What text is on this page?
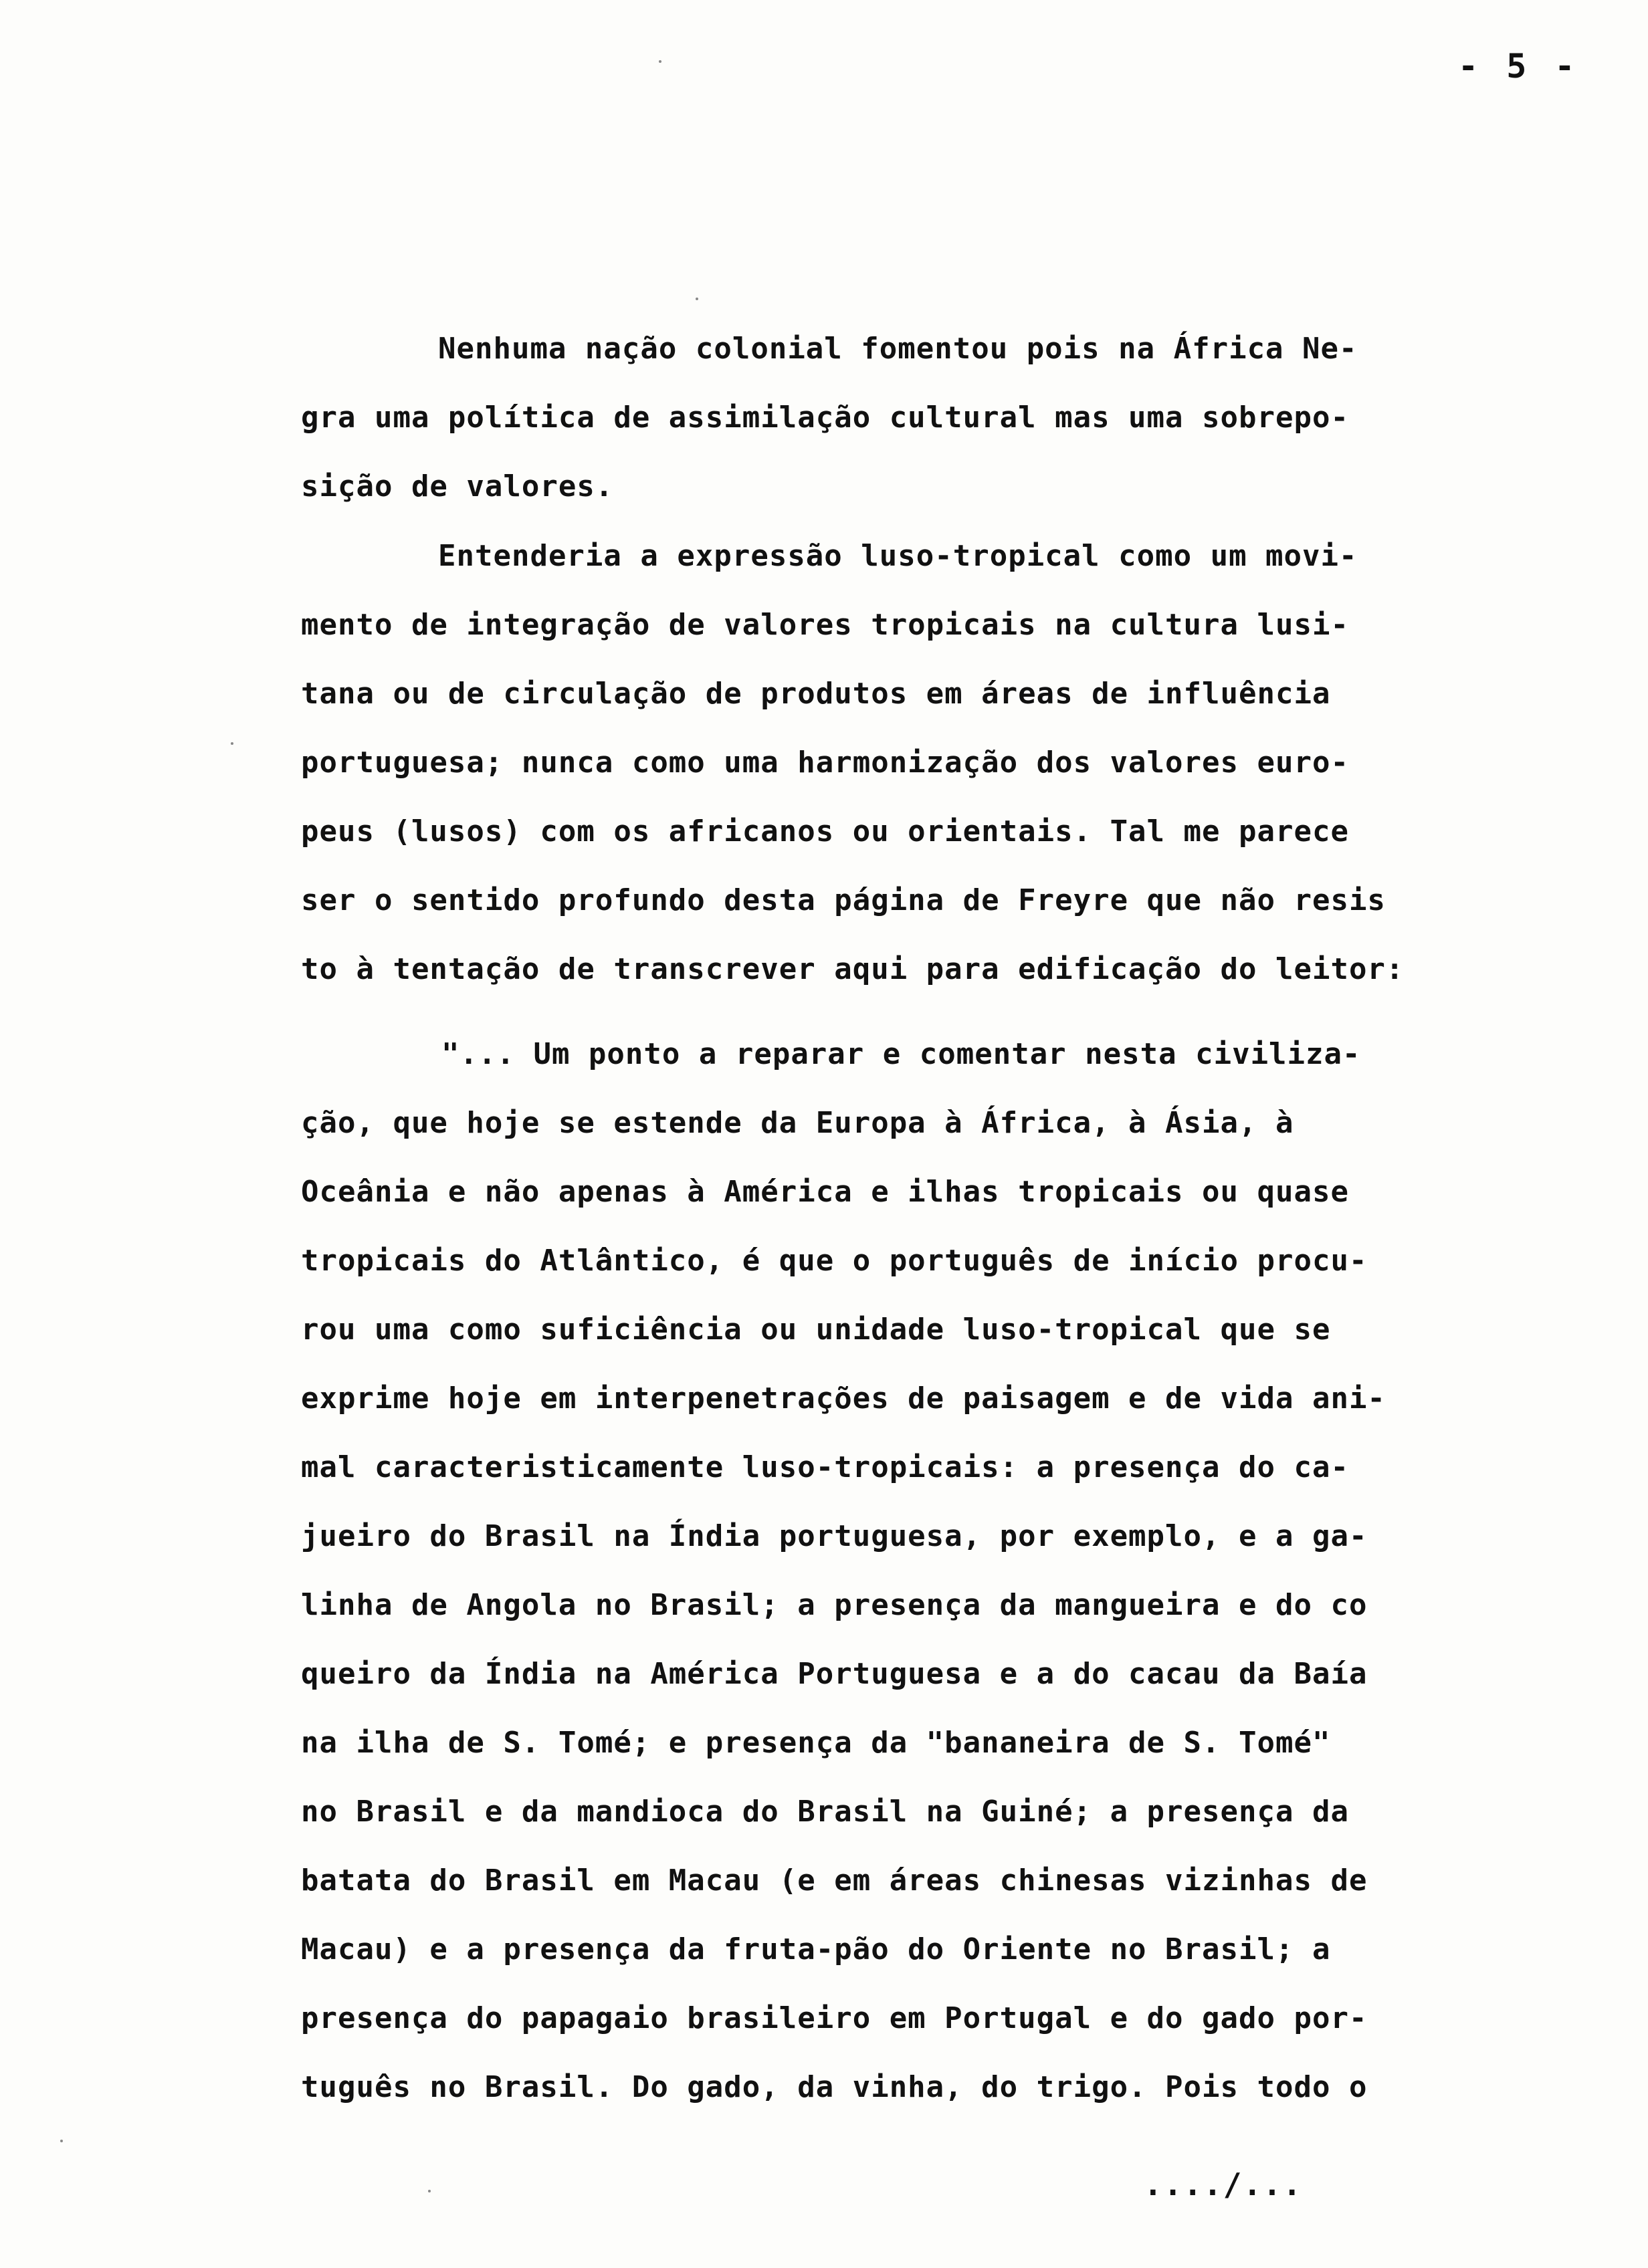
- 5 -
Nenhuma nação colonial fomentou pois na África Ne-
gra uma política de assimilação cultural mas uma sobrepo-
sição de valores.
Entenderia a expressão luso-tropical como um movi-
mento de integração de valores tropicais na cultura lusi-
tana ou de circulação de produtos em áreas de influência
portuguesa; nunca como uma harmonização dos valores euro-
peus (lusos) com os africanos ou orientais. Tal me parece
ser o sentido profundo desta página de Freyre que não resis
to à tentação de transcrever aqui para edificação do leitor:
"... Um ponto a reparar e comentar nesta civiliza-
ção, que hoje se estende da Europa à África, à Ásia, à
Oceânia e não apenas à América e ilhas tropicais ou quase
tropicais do Atlântico, é que o português de início procu-
rou uma como suficiência ou unidade luso-tropical que se
exprime hoje em interpenetrações de paisagem e de vida ani-
mal caracteristicamente luso-tropicais: a presença do ca-
jueiro do Brasil na Índia portuguesa, por exemplo, e a ga-
linha de Angola no Brasil; a presença da mangueira e do co
queiro da Índia na América Portuguesa e a do cacau da Baía
na ilha de S. Tomé; e presença da "bananeira de S. Tomé"
no Brasil e da mandioca do Brasil na Guiné; a presença da
batata do Brasil em Macau (e em áreas chinesas vizinhas de
Macau) e a presença da fruta-pão do Oriente no Brasil; a
presença do papagaio brasileiro em Portugal e do gado por-
tuguês no Brasil. Do gado, da vinha, do trigo. Pois todo o
..../...
